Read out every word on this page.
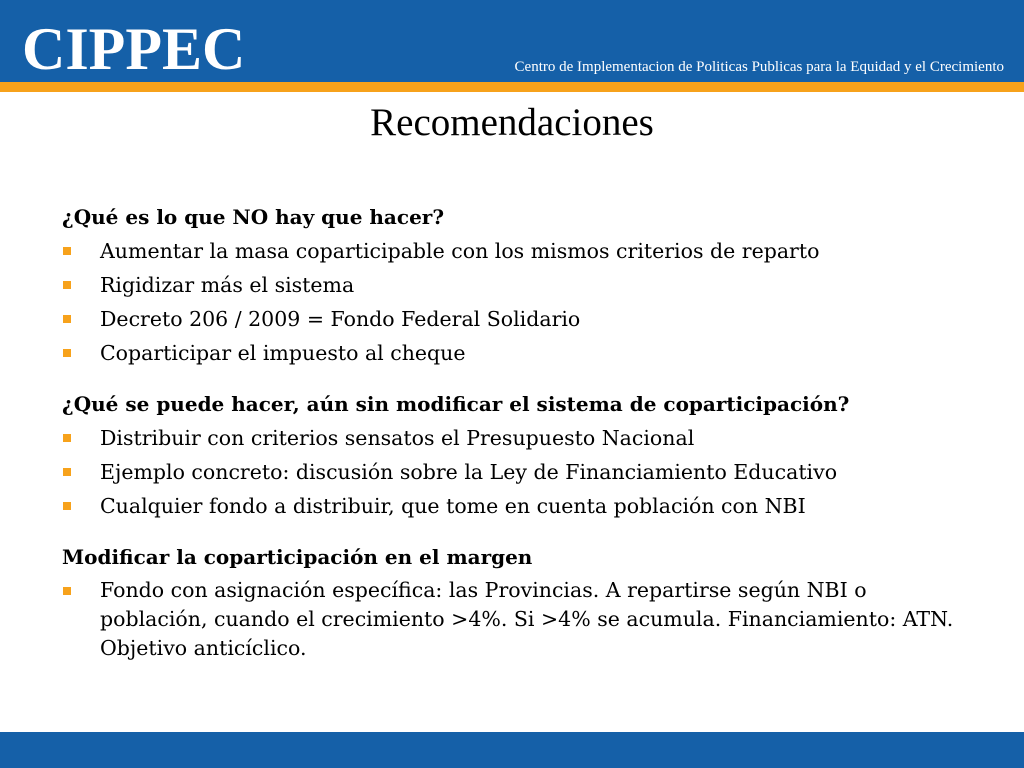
CIPPEC	Centro de Implementacion de Politicas Publicas para la Equidad y el Crecimiento

Recomendaciones

¿Qué es lo que NO hay que hacer?

Aumentar la masa coparticipable con los mismos criterios de reparto
Rigidizar más el sistema
Decreto 206 / 2009 = Fondo Federal Solidario
Coparticipar el impuesto al cheque

¿Qué se puede hacer, aún sin modificar el sistema de coparticipación?

Distribuir con criterios sensatos el Presupuesto Nacional
Ejemplo concreto: discusión sobre la Ley de Financiamiento Educativo
Cualquier fondo a distribuir, que tome en cuenta población con NBI

Modificar la coparticipación en el margen

Fondo con asignación específica: las Provincias. A repartirse según NBI o población, cuando el crecimiento >4%. Si >4% se acumula. Financiamiento: ATN. Objetivo anticíclico.
